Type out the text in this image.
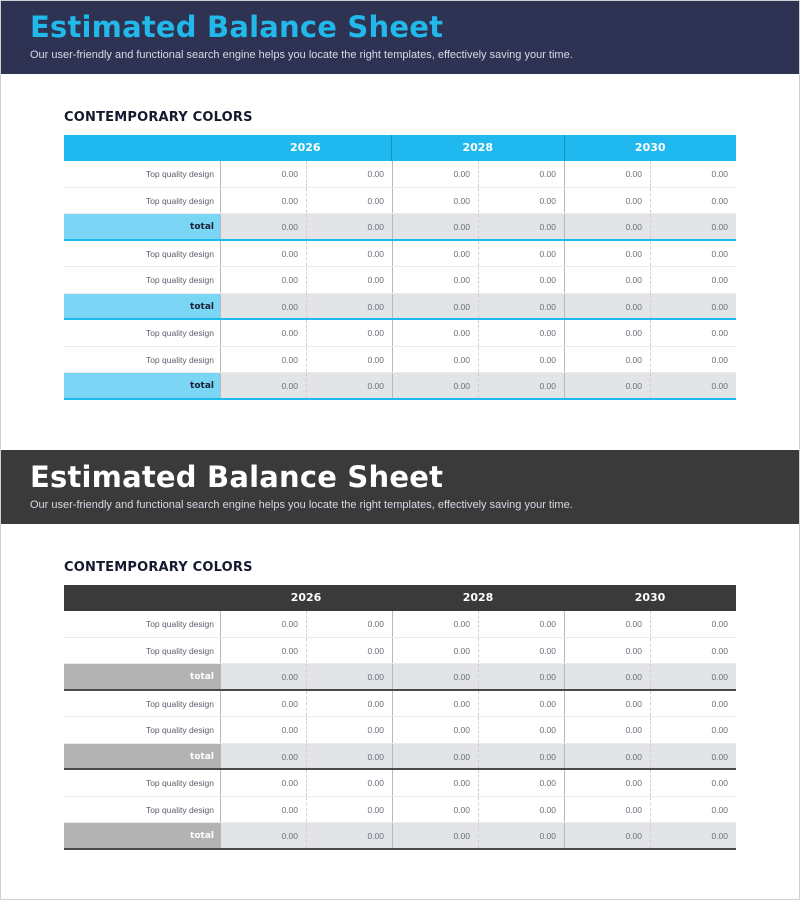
Estimated Balance Sheet
Our user-friendly and functional search engine helps you locate the right templates, effectively saving your time.
CONTEMPORARY COLORS
2026	2028	2030
Top quality design	0.00	0.00	0.00	0.00	0.00	0.00
Top quality design	0.00	0.00	0.00	0.00	0.00	0.00
total	0.00	0.00	0.00	0.00	0.00	0.00
Top quality design	0.00	0.00	0.00	0.00	0.00	0.00
Top quality design	0.00	0.00	0.00	0.00	0.00	0.00
total	0.00	0.00	0.00	0.00	0.00	0.00
Top quality design	0.00	0.00	0.00	0.00	0.00	0.00
Top quality design	0.00	0.00	0.00	0.00	0.00	0.00
total	0.00	0.00	0.00	0.00	0.00	0.00
Estimated Balance Sheet
Our user-friendly and functional search engine helps you locate the right templates, effectively saving your time.
CONTEMPORARY COLORS
2026	2028	2030
Top quality design	0.00	0.00	0.00	0.00	0.00	0.00
Top quality design	0.00	0.00	0.00	0.00	0.00	0.00
total	0.00	0.00	0.00	0.00	0.00	0.00
Top quality design	0.00	0.00	0.00	0.00	0.00	0.00
Top quality design	0.00	0.00	0.00	0.00	0.00	0.00
total	0.00	0.00	0.00	0.00	0.00	0.00
Top quality design	0.00	0.00	0.00	0.00	0.00	0.00
Top quality design	0.00	0.00	0.00	0.00	0.00	0.00
total	0.00	0.00	0.00	0.00	0.00	0.00
